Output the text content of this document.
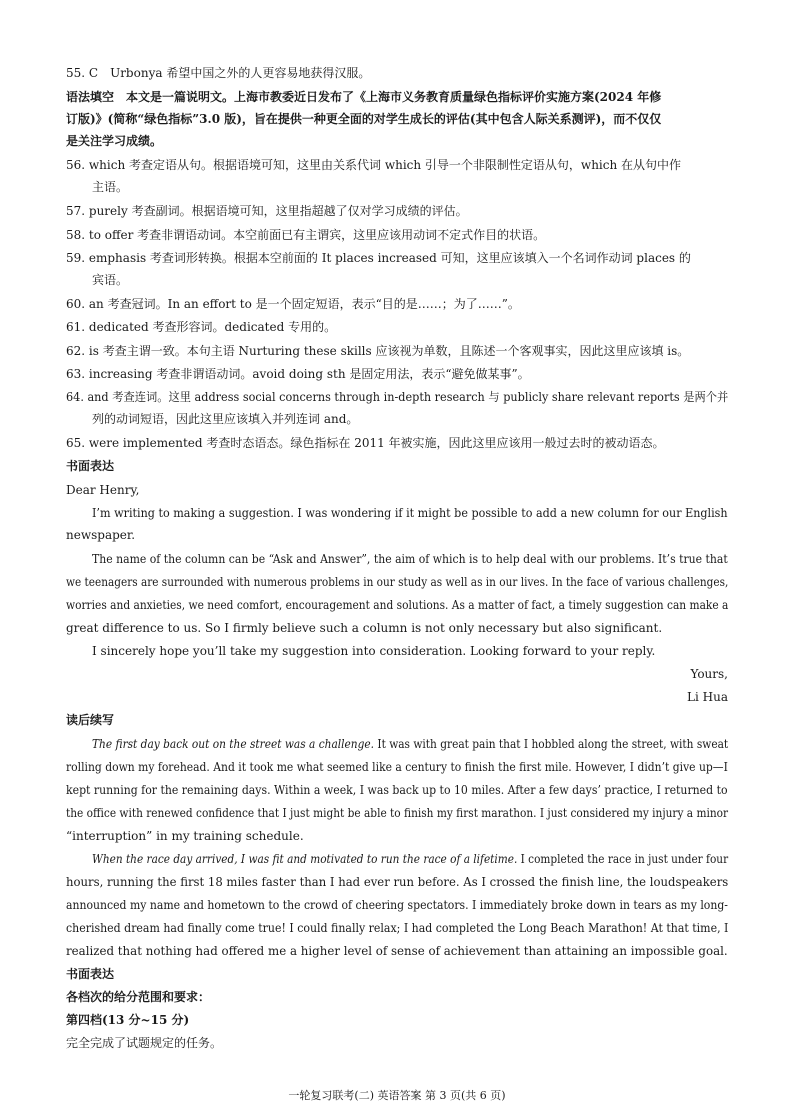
55. C　Urbonya 希望中国之外的人更容易地获得汉服。
语法填空　本文是一篇说明文。上海市教委近日发布了《上海市义务教育质量绿色指标评价实施方案(2024 年修
订版)》(简称“绿色指标”3.0 版)，旨在提供一种更全面的对学生成长的评估(其中包含人际关系测评)，而不仅仅
是关注学习成绩。
56. which 考查定语从句。根据语境可知，这里由关系代词 which 引导一个非限制性定语从句，which 在从句中作
主语。
57. purely 考查副词。根据语境可知，这里指超越了仅对学习成绩的评估。
58. to offer 考查非谓语动词。本空前面已有主谓宾，这里应该用动词不定式作目的状语。
59. emphasis 考查词形转换。根据本空前面的 It places increased 可知，这里应该填入一个名词作动词 places 的
宾语。
60. an 考查冠词。In an effort to 是一个固定短语，表示“目的是……；为了……”。
61. dedicated 考查形容词。dedicated 专用的。
62. is 考查主谓一致。本句主语 Nurturing these skills 应该视为单数，且陈述一个客观事实，因此这里应该填 is。
63. increasing 考查非谓语动词。avoid doing sth 是固定用法，表示“避免做某事”。
64. and 考查连词。这里 address social concerns through in-depth research 与 publicly share relevant reports 是两个并
列的动词短语，因此这里应该填入并列连词 and。
65. were implemented 考查时态语态。绿色指标在 2011 年被实施，因此这里应该用一般过去时的被动语态。
书面表达
Dear Henry,
I’m writing to making a suggestion. I was wondering if it might be possible to add a new column for our English
newspaper.
The name of the column can be “Ask and Answer”, the aim of which is to help deal with our problems. It’s true that
we teenagers are surrounded with numerous problems in our study as well as in our lives. In the face of various challenges,
worries and anxieties, we need comfort, encouragement and solutions. As a matter of fact, a timely suggestion can make a
great difference to us. So I firmly believe such a column is not only necessary but also significant.
I sincerely hope you’ll take my suggestion into consideration. Looking forward to your reply.
Yours,
Li Hua
读后续写
The first day back out on the street was a challenge. It was with great pain that I hobbled along the street, with sweat
rolling down my forehead. And it took me what seemed like a century to finish the first mile. However, I didn’t give up—I
kept running for the remaining days. Within a week, I was back up to 10 miles. After a few days’ practice, I returned to
the office with renewed confidence that I just might be able to finish my first marathon. I just considered my injury a minor
“interruption” in my training schedule.
When the race day arrived, I was fit and motivated to run the race of a lifetime. I completed the race in just under four
hours, running the first 18 miles faster than I had ever run before. As I crossed the finish line, the loudspeakers
announced my name and hometown to the crowd of cheering spectators. I immediately broke down in tears as my long-
cherished dream had finally come true! I could finally relax; I had completed the Long Beach Marathon! At that time, I
realized that nothing had offered me a higher level of sense of achievement than attaining an impossible goal.
书面表达
各档次的给分范围和要求：
第四档(13 分~15 分)
完全完成了试题规定的任务。
一轮复习联考(二) 英语答案 第 3 页(共 6 页)
